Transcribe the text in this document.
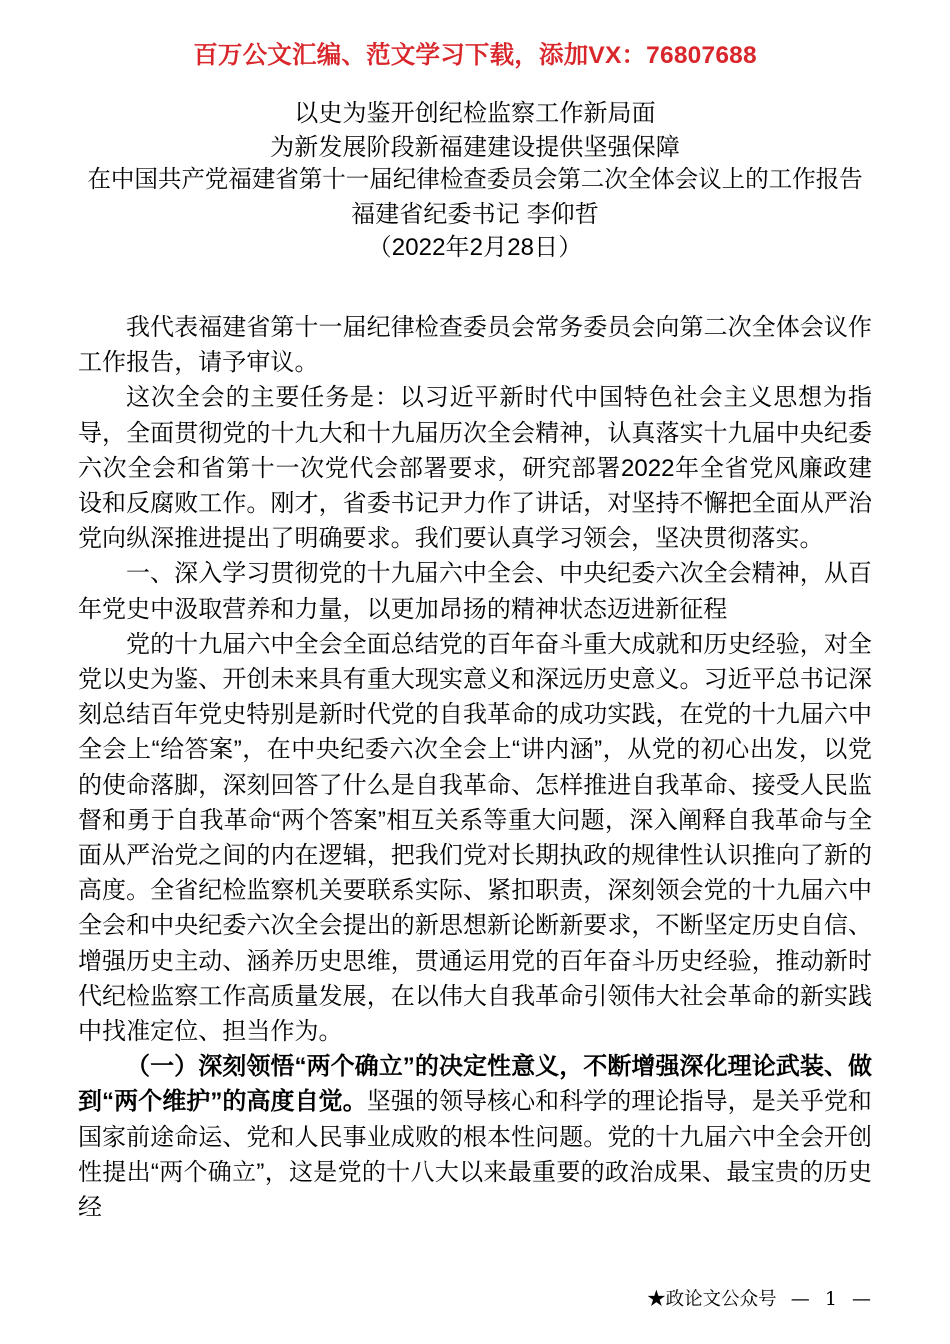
百万公文汇编、范文学习下载，添加VX：76807688
以史为鉴开创纪检监察工作新局面
为新发展阶段新福建建设提供坚强保障
在中国共产党福建省第十一届纪律检查委员会第二次全体会议上的工作报告
福建省纪委书记 李仰哲
（2022年2月28日）

我代表福建省第十一届纪律检查委员会常务委员会向第二次全体会议作工作报告，请予审议。

这次全会的主要任务是：以习近平新时代中国特色社会主义思想为指导，全面贯彻党的十九大和十九届历次全会精神，认真落实十九届中央纪委六次全会和省第十一次党代会部署要求，研究部署2022年全省党风廉政建设和反腐败工作。刚才，省委书记尹力作了讲话，对坚持不懈把全面从严治党向纵深推进提出了明确要求。我们要认真学习领会，坚决贯彻落实。

一、深入学习贯彻党的十九届六中全会、中央纪委六次全会精神，从百年党史中汲取营养和力量，以更加昂扬的精神状态迈进新征程

党的十九届六中全会全面总结党的百年奋斗重大成就和历史经验，对全党以史为鉴、开创未来具有重大现实意义和深远历史意义。习近平总书记深刻总结百年党史特别是新时代党的自我革命的成功实践，在党的十九届六中全会上“给答案”，在中央纪委六次全会上“讲内涵”，从党的初心出发，以党的使命落脚，深刻回答了什么是自我革命、怎样推进自我革命、接受人民监督和勇于自我革命“两个答案”相互关系等重大问题，深入阐释自我革命与全面从严治党之间的内在逻辑，把我们党对长期执政的规律性认识推向了新的高度。全省纪检监察机关要联系实际、紧扣职责，深刻领会党的十九届六中全会和中央纪委六次全会提出的新思想新论断新要求，不断坚定历史自信、增强历史主动、涵养历史思维，贯通运用党的百年奋斗历史经验，推动新时代纪检监察工作高质量发展，在以伟大自我革命引领伟大社会革命的新实践中找准定位、担当作为。

（一）深刻领悟“两个确立”的决定性意义，不断增强深化理论武装、做到“两个维护”的高度自觉。坚强的领导核心和科学的理论指导，是关乎党和国家前途命运、党和人民事业成败的根本性问题。党的十九届六中全会开创性提出“两个确立”，这是党的十八大以来最重要的政治成果、最宝贵的历史经

★政论文公众号 — 1 —
